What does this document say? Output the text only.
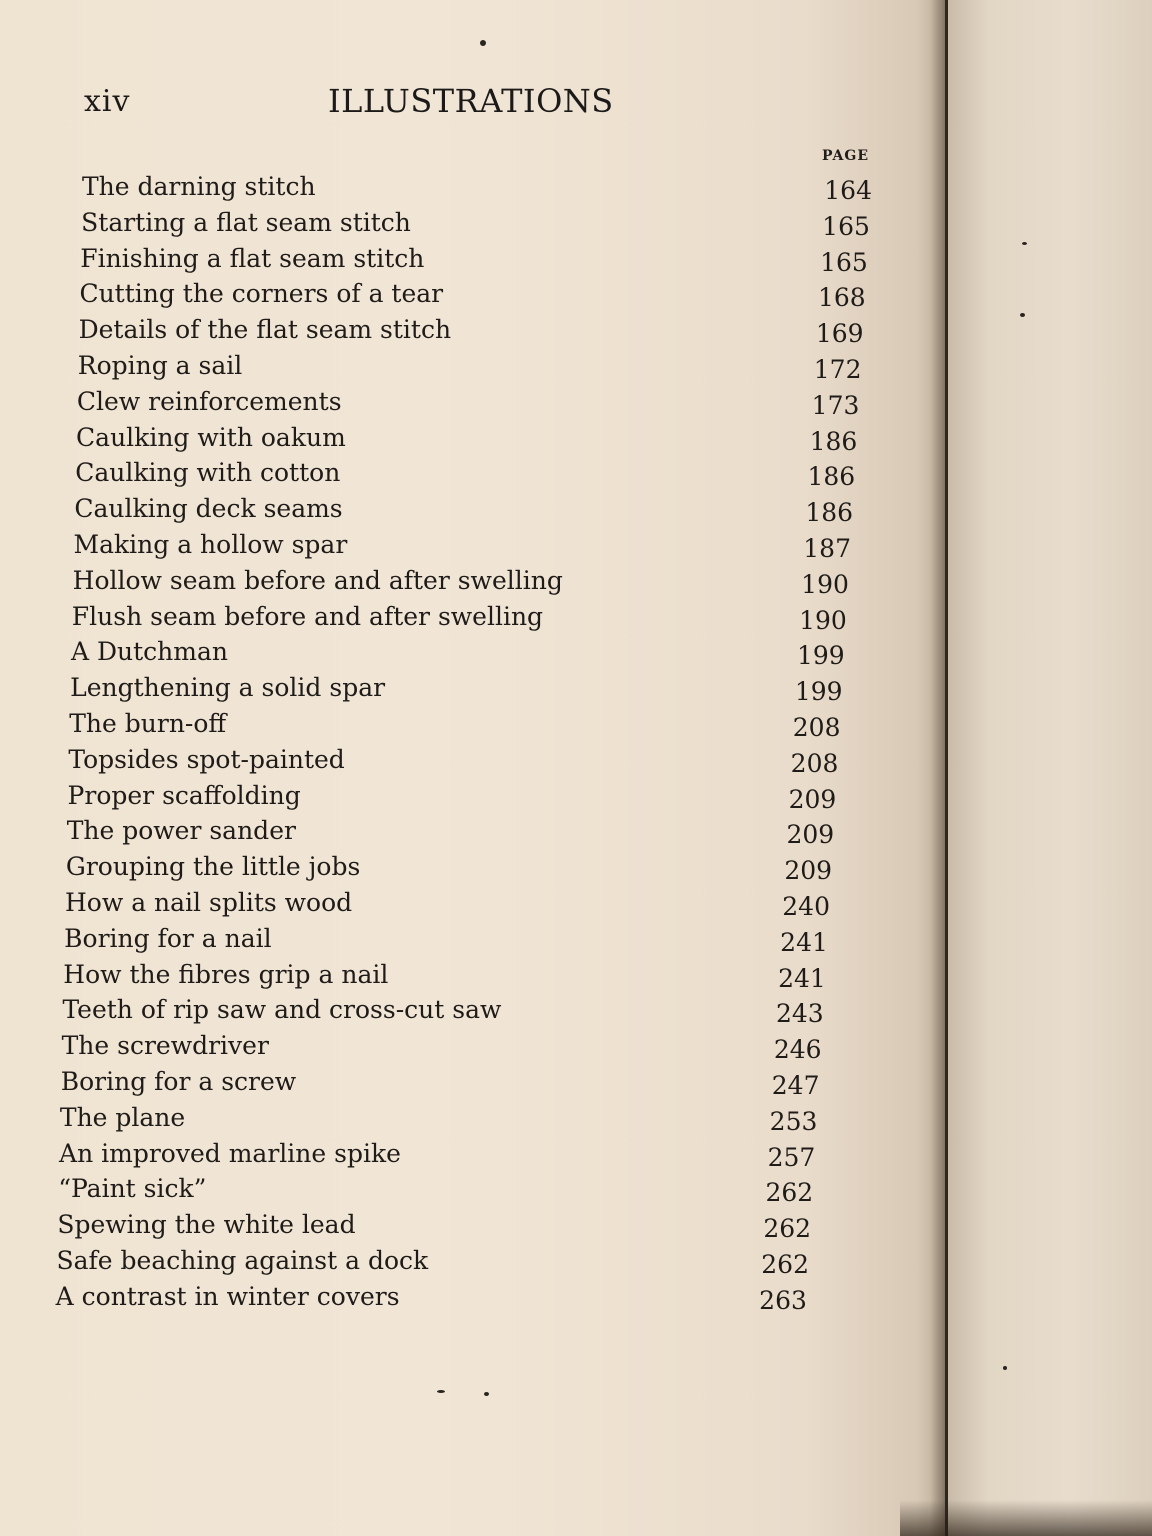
xiv	ILLUSTRATIONS
PAGE
The darning stitch	164
Starting a flat seam stitch	165
Finishing a flat seam stitch	165
Cutting the corners of a tear	168
Details of the flat seam stitch	169
Roping a sail	172
Clew reinforcements	173
Caulking with oakum	186
Caulking with cotton	186
Caulking deck seams	186
Making a hollow spar	187
Hollow seam before and after swelling	190
Flush seam before and after swelling	190
A Dutchman	199
Lengthening a solid spar	199
The burn-off	208
Topsides spot-painted	208
Proper scaffolding	209
The power sander	209
Grouping the little jobs	209
How a nail splits wood	240
Boring for a nail	241
How the fibres grip a nail	241
Teeth of rip saw and cross-cut saw	243
The screwdriver	246
Boring for a screw	247
The plane	253
An improved marline spike	257
“Paint sick”	262
Spewing the white lead	262
Safe beaching against a dock	262
A contrast in winter covers	263
